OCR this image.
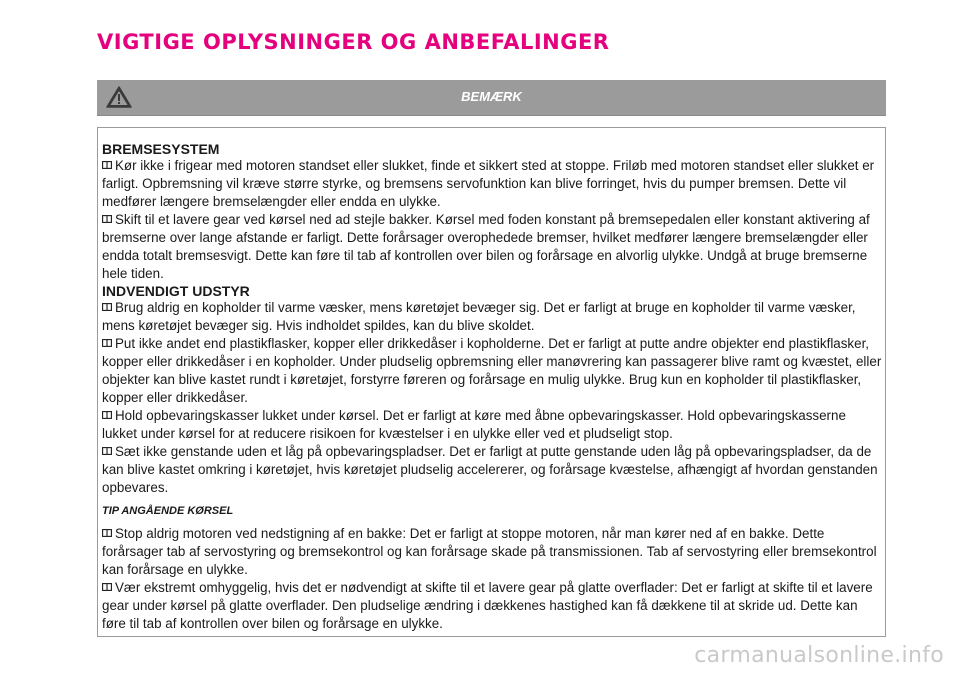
VIGTIGE OPLYSNINGER OG ANBEFALINGER
BEMÆRK
BREMSESYSTEM

Kør ikke i frigear med motoren standset eller slukket, finde et sikkert sted at stoppe. Friløb med motoren standset eller slukket er farligt. Opbremsning vil kræve større styrke, og bremsens servofunktion kan blive forringet, hvis du pumper bremsen. Dette vil medfører længere bremselængder eller endda en ulykke.

Skift til et lavere gear ved kørsel ned ad stejle bakker. Kørsel med foden konstant på bremsepedalen eller konstant aktivering af bremserne over lange afstande er farligt. Dette forårsager overophedede bremser, hvilket medfører længere bremselængder eller endda totalt bremsesvigt. Dette kan føre til tab af kontrollen over bilen og forårsage en alvorlig ulykke. Undgå at bruge bremserne hele tiden.

INDVENDIGT UDSTYR

Brug aldrig en kopholder til varme væsker, mens køretøjet bevæger sig. Det er farligt at bruge en kopholder til varme væsker, mens køretøjet bevæger sig. Hvis indholdet spildes, kan du blive skoldet.

Put ikke andet end plastikflasker, kopper eller drikkedåser i kopholderne. Det er farligt at putte andre objekter end plastikflasker, kopper eller drikkedåser i en kopholder. Under pludselig opbremsning eller manøvrering kan passagerer blive ramt og kvæstet, eller objekter kan blive kastet rundt i køretøjet, forstyrre føreren og forårsage en mulig ulykke. Brug kun en kopholder til plastikflasker, kopper eller drikkedåser.

Hold opbevaringskasser lukket under kørsel. Det er farligt at køre med åbne opbevaringskasser. Hold opbevaringskasserne lukket under kørsel for at reducere risikoen for kvæstelser i en ulykke eller ved et pludseligt stop.

Sæt ikke genstande uden et låg på opbevaringspladser. Det er farligt at putte genstande uden låg på opbevaringspladser, da de kan blive kastet omkring i køretøjet, hvis køretøjet pludselig accelererer, og forårsage kvæstelse, afhængigt af hvordan genstanden opbevares.

TIP ANGÅENDE KØRSEL

Stop aldrig motoren ved nedstigning af en bakke: Det er farligt at stoppe motoren, når man kører ned af en bakke. Dette forårsager tab af servostyring og bremsekontrol og kan forårsage skade på transmissionen. Tab af servostyring eller bremsekontrol kan forårsage en ulykke.

Vær ekstremt omhyggelig, hvis det er nødvendigt at skifte til et lavere gear på glatte overflader: Det er farligt at skifte til et lavere gear under kørsel på glatte overflader. Den pludselige ændring i dækkenes hastighed kan få dækkene til at skride ud. Dette kan føre til tab af kontrollen over bilen og forårsage en ulykke.

carmanualsonline.info
